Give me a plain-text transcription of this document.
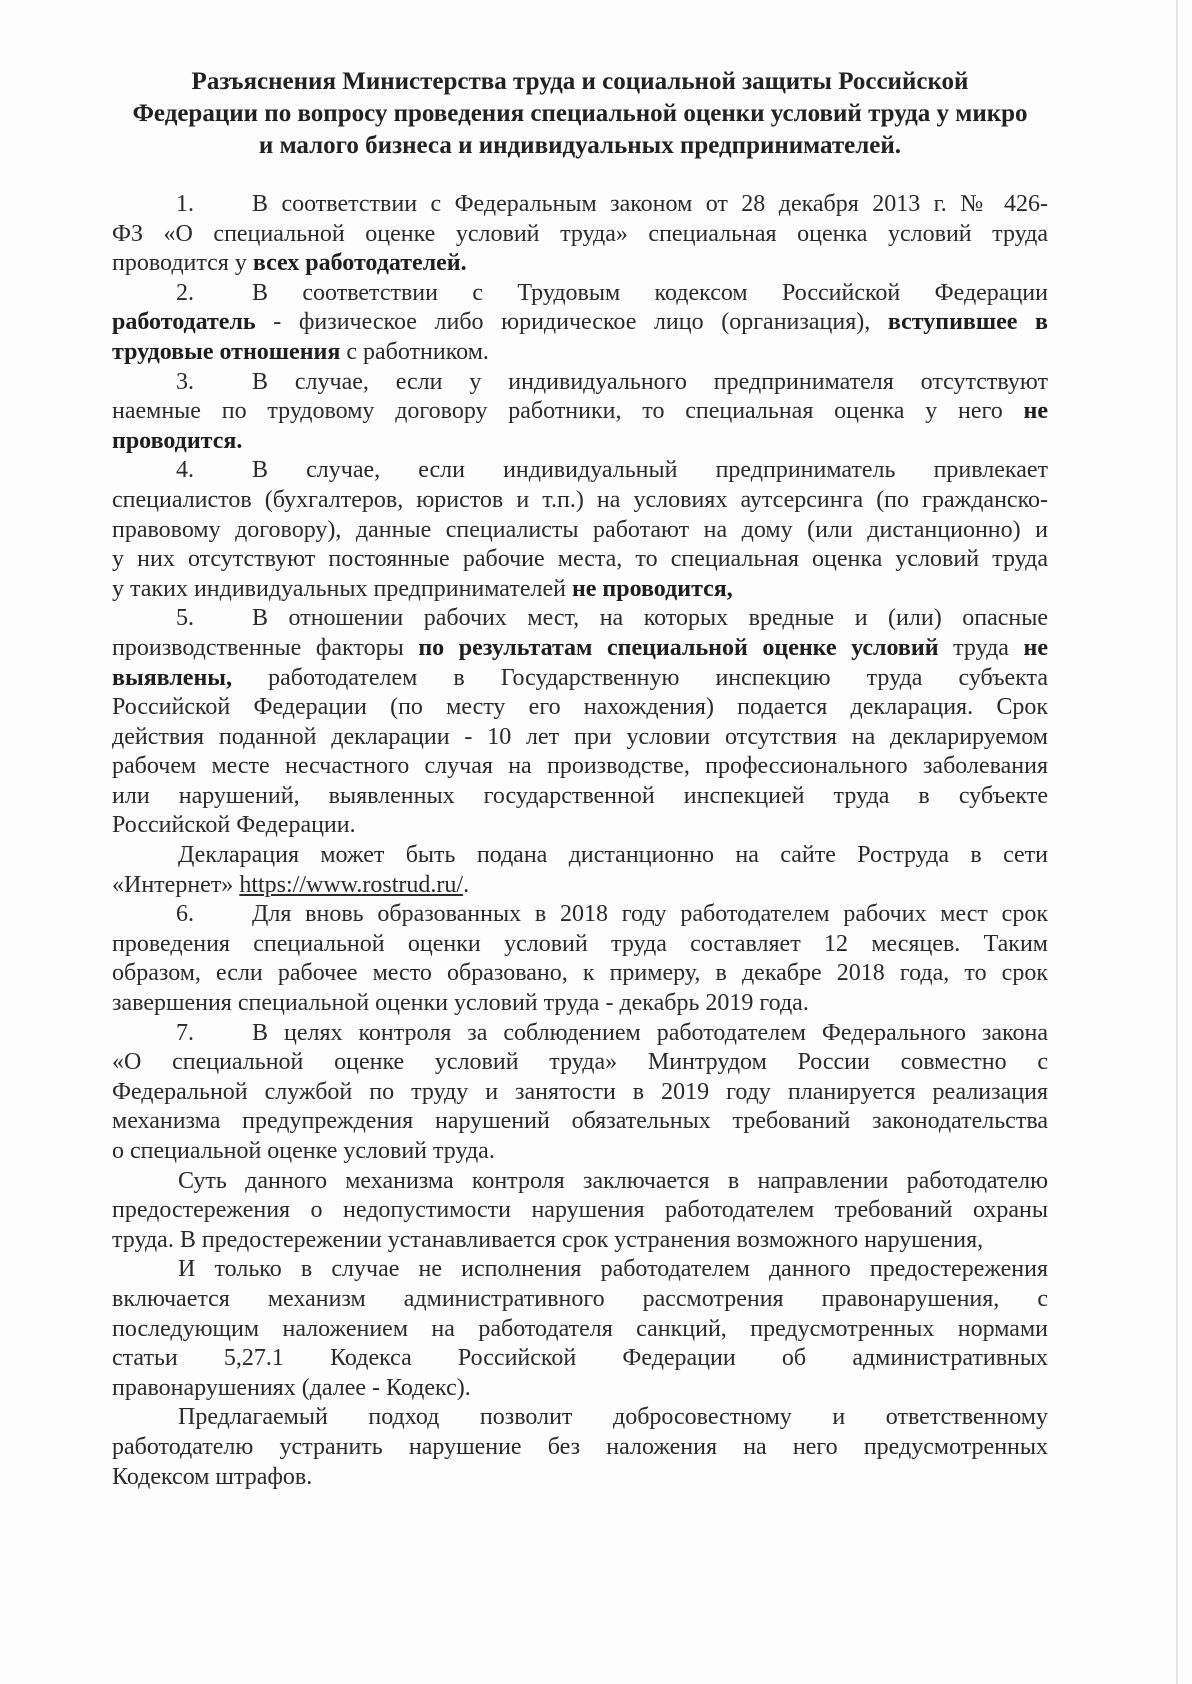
Разъяснения Министерства труда и социальной защиты Российской
Федерации по вопросу проведения специальной оценки условий труда у микро
и малого бизнеса и индивидуальных предпринимателей.
1. В соответствии с Федеральным законом от 28 декабря 2013 г. № 426-
ФЗ «О специальной оценке условий труда» специальная оценка условий труда
проводится у всех работодателей.
2. В соответствии с Трудовым кодексом Российской Федерации
работодатель - физическое либо юридическое лицо (организация), вступившее в
трудовые отношения с работником.
3. В случае, если у индивидуального предпринимателя отсутствуют
наемные по трудовому договору работники, то специальная оценка у него не
проводится.
4. В случае, если индивидуальный предприниматель привлекает
специалистов (бухгалтеров, юристов и т.п.) на условиях аутсерсинга (по гражданско-
правовому договору), данные специалисты работают на дому (или дистанционно) и
у них отсутствуют постоянные рабочие места, то специальная оценка условий труда
у таких индивидуальных предпринимателей не проводится,
5. В отношении рабочих мест, на которых вредные и (или) опасные
производственные факторы по результатам специальной оценке условий труда не
выявлены, работодателем в Государственную инспекцию труда субъекта
Российской Федерации (по месту его нахождения) подается декларация. Срок
действия поданной декларации - 10 лет при условии отсутствия на декларируемом
рабочем месте несчастного случая на производстве, профессионального заболевания
или нарушений, выявленных государственной инспекцией труда в субъекте
Российской Федерации.
Декларация может быть подана дистанционно на сайте Роструда в сети
«Интернет» https://www.rostrud.ru/.
6. Для вновь образованных в 2018 году работодателем рабочих мест срок
проведения специальной оценки условий труда составляет 12 месяцев. Таким
образом, если рабочее место образовано, к примеру, в декабре 2018 года, то срок
завершения специальной оценки условий труда - декабрь 2019 года.
7. В целях контроля за соблюдением работодателем Федерального закона
«О специальной оценке условий труда» Минтрудом России совместно с
Федеральной службой по труду и занятости в 2019 году планируется реализация
механизма предупреждения нарушений обязательных требований законодательства
о специальной оценке условий труда.
Суть данного механизма контроля заключается в направлении работодателю
предостережения о недопустимости нарушения работодателем требований охраны
труда. В предостережении устанавливается срок устранения возможного нарушения,
И только в случае не исполнения работодателем данного предостережения
включается механизм административного рассмотрения правонарушения, с
последующим наложением на работодателя санкций, предусмотренных нормами
статьи 5,27.1 Кодекса Российской Федерации об административных
правонарушениях (далее - Кодекс).
Предлагаемый подход позволит добросовестному и ответственному
работодателю устранить нарушение без наложения на него предусмотренных
Кодексом штрафов.
